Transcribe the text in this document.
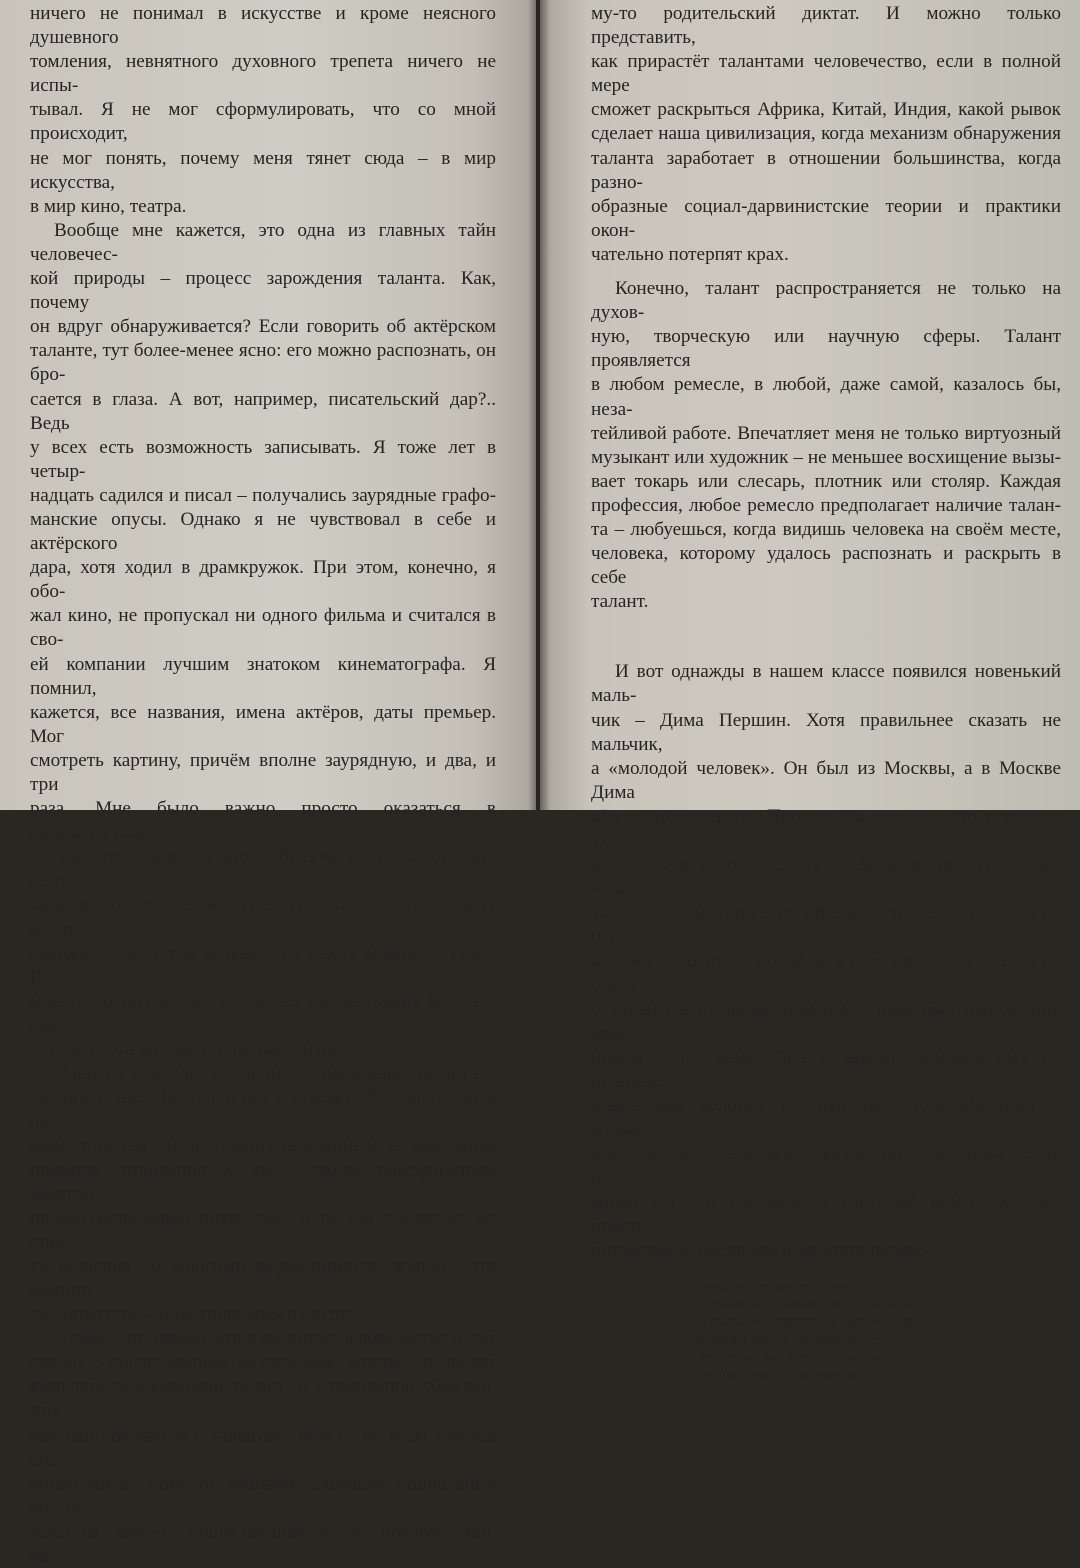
ничего не понимал в искусстве и кроме неясного душевного

томления, невнятного духовного трепета ничего не испы-

тывал. Я не мог сформулировать, что со мной происходит,

не мог понять, почему меня тянет сюда – в мир искусства,

в мир кино, театра.

Вообще мне кажется, это одна из главных тайн человечес-

кой природы – процесс зарождения таланта. Как, почему

он вдруг обнаруживается? Если говорить об актёрском

таланте, тут более-менее ясно: его можно распознать, он бро-

сается в глаза. А вот, например, писательский дар?.. Ведь

у всех есть возможность записывать. Я тоже лет в четыр-

надцать садился и писал – получались заурядные графо-

манские опусы. Однако я не чувствовал в себе и актёрского

дара, хотя ходил в драмкружок. При этом, конечно, я обо-

жал кино, не пропускал ни одного фильма и считался в сво-

ей компании лучшим знатоком кинематографа. Я помнил,

кажется, все названия, имена актёров, даты премьер. Мог

смотреть картину, причём вполне заурядную, и два, и три

раза. Мне было важно просто оказаться в кинематографи-

ческой атмосфере. Таким образом я познавал мир, получал

сведения о том, как живут за границей, какую одежду носят,

какими пользуются вещами, на каких машинах ездят. Всё

мне было интересно, особенно как выглядит Москва, как

устроена эта другая, столичная жизнь.

Одно из наиболее очевидных проявлений таланта –

любопытство. Любопытство к новому. Любопытство к раз-

ным сторонам жизни, порой отвлечённым, не имеющим

прямого отношения к тебе, твоим повседневным заботам,

профессиональным интересам. Я не раз убеждался из опы-

та общения со многими выдающимися людьми, что именно

любопытство – объединяющая их черта.

Думаю, что новый виток развития человечества будет

связан с обнаружением механизмов, которые позволят

выявлять человеческий талант. Я совершенно убеждён, что

каждый рождается с талантом, просто не всем удаётся его

обнаружить. Кому-то мешают сложные социальные обстоя-

тельства, кому-то общественные устои, предрассудки, ко-

му-то родительский диктат. И можно только представить,

как прирастёт талантами человечество, если в полной мере

сможет раскрыться Африка, Китай, Индия, какой рывок

сделает наша цивилизация, когда механизм обнаружения

таланта заработает в отношении большинства, когда разно-

образные социал-дарвинистские теории и практики окон-

чательно потерпят крах.

Конечно, талант распространяется не только на духов-

ную, творческую или научную сферы. Талант проявляется

в любом ремесле, в любой, даже самой, казалось бы, неза-

тейливой работе. Впечатляет меня не только виртуозный

музыкант или художник – не меньшее восхищение вызы-

вает токарь или слесарь, плотник или столяр. Каждая

профессия, любое ремесло предполагает наличие талан-

та – любуешься, когда видишь человека на своём месте,

человека, которому удалось распознать и раскрыть в себе

талант.

И вот однажды в нашем классе появился новенький маль-

чик – Дима Першин. Хотя правильнее сказать не мальчик,

а «молодой человек». Он был из Москвы, а в Москве Дима

вёл радиопередачу «Пионерская зорька», что с трудом укла-

дывалось в голове. Слухи о Диме распространились момен-

тально, и сомнения в их правдивости исчезли, когда на пер-

вом же концерте в новой для себя школе он вышел на сцену

с удивительно ярким номером. Дима был наполовину армя-

нином – по маме. Она и аккомпанировала ему на пианино.

Кавказский колорит песенки на стихи Маршака и музыку

Кабалевского оказался весьма органичным. Дима с ходу по-

корил зал – и учеников, и учителей, номер оказался просто

потрясающе смешным и заразительным:

Дедка на ослике ехал верхом,
Мальчик за осликом плёлся пешком.
– Глянь-ка! – кричит из окошек народ, –
Дедушка едет, а мальчик идёт!
Где это видано, где это слыхано? –
Дедушка едет, а мальчик идёт!..
